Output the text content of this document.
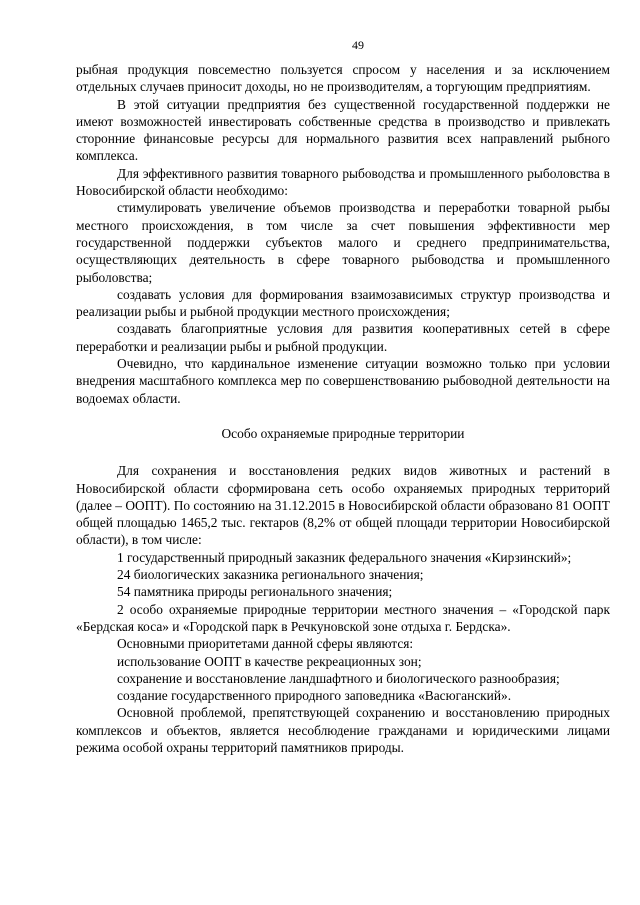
49

рыбная продукция повсеместно пользуется спросом у населения и за исключением отдельных случаев приносит доходы, но не производителям, а торгующим предприятиям.

В этой ситуации предприятия без существенной государственной поддержки не имеют возможностей инвестировать собственные средства в производство и привлекать сторонние финансовые ресурсы для нормального развития всех направлений рыбного комплекса.

Для эффективного развития товарного рыбоводства и промышленного рыболовства в Новосибирской области необходимо:

стимулировать увеличение объемов производства и переработки товарной рыбы местного происхождения, в том числе за счет повышения эффективности мер государственной поддержки субъектов малого и среднего предпринимательства, осуществляющих деятельность в сфере товарного рыбоводства и промышленного рыболовства;

создавать условия для формирования взаимозависимых структур производства и реализации рыбы и рыбной продукции местного происхождения;

создавать благоприятные условия для развития кооперативных сетей в сфере переработки и реализации рыбы и рыбной продукции.

Очевидно, что кардинальное изменение ситуации возможно только при условии внедрения масштабного комплекса мер по совершенствованию рыбоводной деятельности на водоемах области.

Особо охраняемые природные территории

Для сохранения и восстановления редких видов животных и растений в Новосибирской области сформирована сеть особо охраняемых природных территорий (далее – ООПТ). По состоянию на 31.12.2015 в Новосибирской области образовано 81 ООПТ общей площадью 1465,2 тыс. гектаров (8,2% от общей площади территории Новосибирской области), в том числе:

1 государственный природный заказник федерального значения «Кирзинский»;

24 биологических заказника регионального значения;

54 памятника природы регионального значения;

2 особо охраняемые природные территории местного значения – «Городской парк «Бердская коса» и «Городской парк в Речкуновской зоне отдыха г. Бердска».

Основными приоритетами данной сферы являются:

использование ООПТ в качестве рекреационных зон;

сохранение и восстановление ландшафтного и биологического разнообразия;

создание государственного природного заповедника «Васюганский».

Основной проблемой, препятствующей сохранению и восстановлению природных комплексов и объектов, является несоблюдение гражданами и юридическими лицами режима особой охраны территорий памятников природы.
